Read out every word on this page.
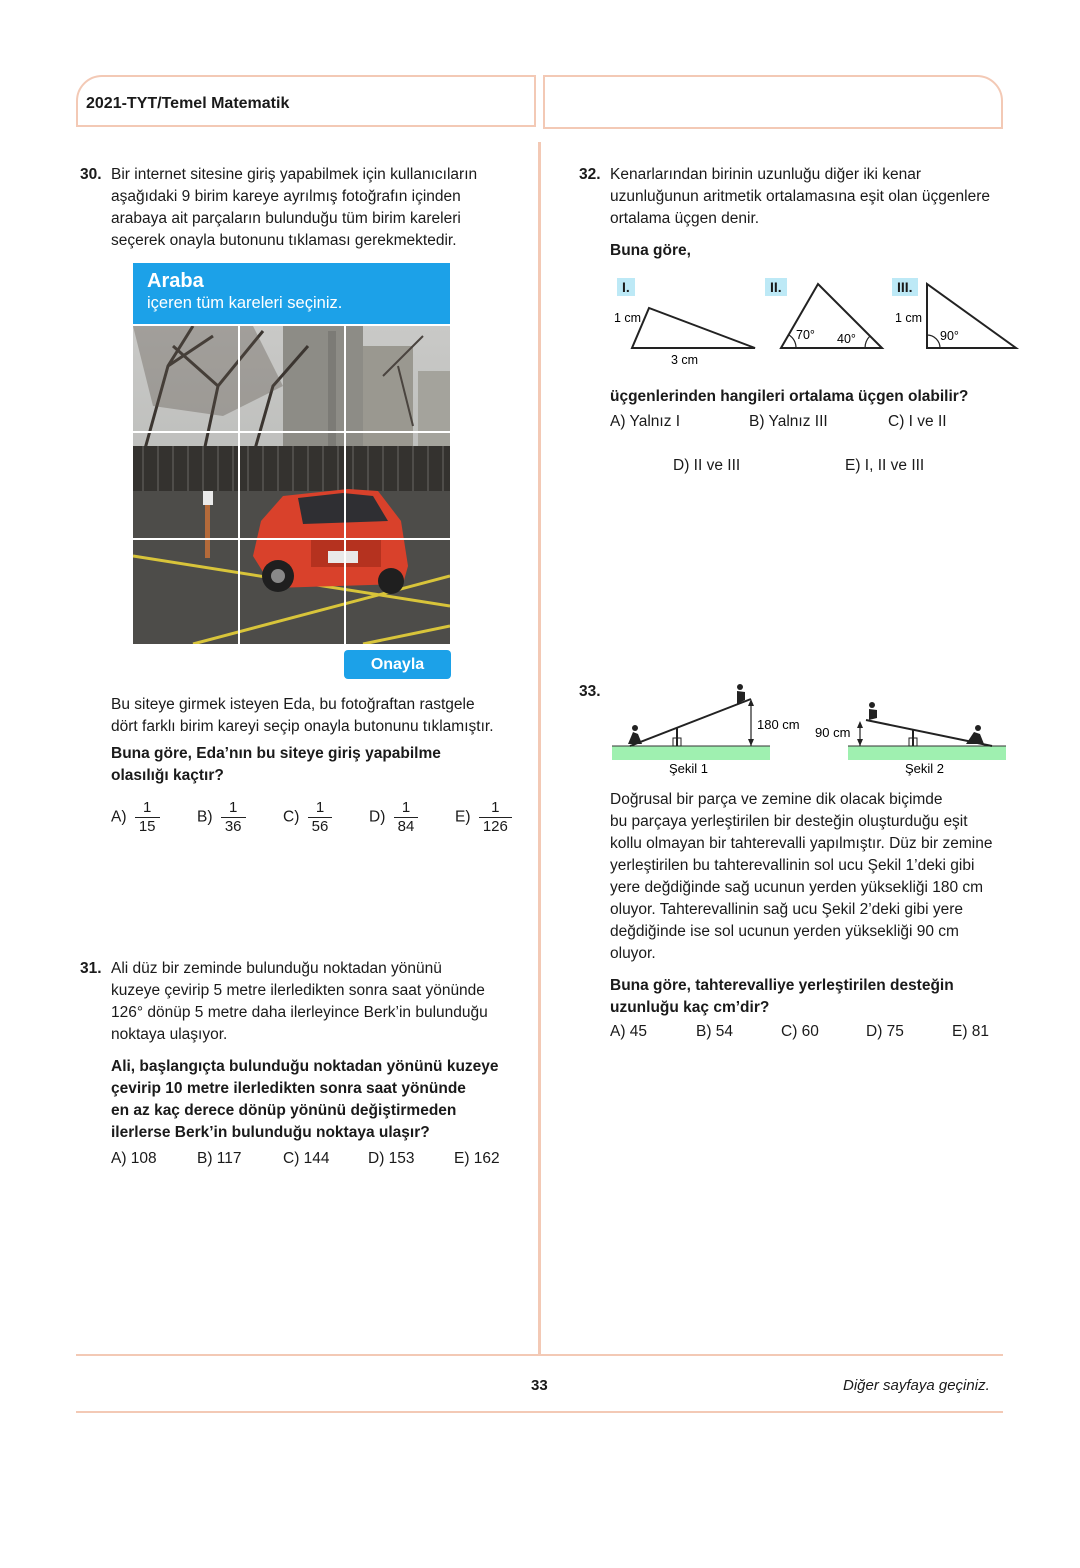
2021-TYT/Temel Matematik
30. Bir internet sitesine giriş yapabilmek için kullanıcıların

aşağıdaki 9 birim kareye ayrılmış fotoğrafın içinden

arabaya ait parçaların bulunduğu tüm birim kareleri

seçerek onayla butonunu tıklaması gerekmektedir.

Araba
içeren tüm kareleri seçiniz.
Onayla

Bu siteye girmek isteyen Eda, bu fotoğraftan rastgele

dört farklı birim kareyi seçip onayla butonunu tıklamıştır.

Buna göre, Eda’nın bu siteye giriş yapabilme

olasılığı kaçtır?

$A) \frac{1}{15} B) \frac{1}{36} C) \frac{1}{56} D) \frac{1}{84} E) \frac{1}{126}$
31. Ali düz bir zeminde bulunduğu noktadan yönünü

kuzeye çevirip 5 metre ilerledikten sonra saat yönünde

126° dönüp 5 metre daha ilerleyince Berk’in bulunduğu

noktaya ulaşıyor.

Ali, başlangıçta bulunduğu noktadan yönünü kuzeye

çevirip 10 metre ilerledikten sonra saat yönünde

en az kaç derece dönüp yönünü değiştirmeden

ilerlerse Berk’in bulunduğu noktaya ulaşır?

A) 108	B) 117	C) 144	D) 153	E) 162
32. Kenarlarından birinin uzunluğu diğer iki kenar

uzunluğunun aritmetik ortalamasına eşit olan üçgenlere

ortalama üçgen denir.

Buna göre,
I.	II.	III.
1 cm
3 cm
70° 40°
1 cm
90°
üçgenlerinden hangileri ortalama üçgen olabilir?
A) Yalnız I	B) Yalnız III	C) I ve II
D) II ve III	E) I, II ve III
33.
180 cm
Şekil 1
90 cm
Şekil 2

Doğrusal bir parça ve zemine dik olacak biçimde

bu parçaya yerleştirilen bir desteğin oluşturduğu eşit

kollu olmayan bir tahterevalli yapılmıştır. Düz bir zemine

yerleştirilen bu tahterevallinin sol ucu Şekil 1’deki gibi

yere değdiğinde sağ ucunun yerden yüksekliği 180 cm

oluyor. Tahterevallinin sağ ucu Şekil 2’deki gibi yere

değdiğinde ise sol ucunun yerden yüksekliği 90 cm

oluyor.

Buna göre, tahterevalliye yerleştirilen desteğin

uzunluğu kaç cm’dir?

A) 45	B) 54	C) 60	D) 75	E) 81
33	Diğer sayfaya geçiniz.
